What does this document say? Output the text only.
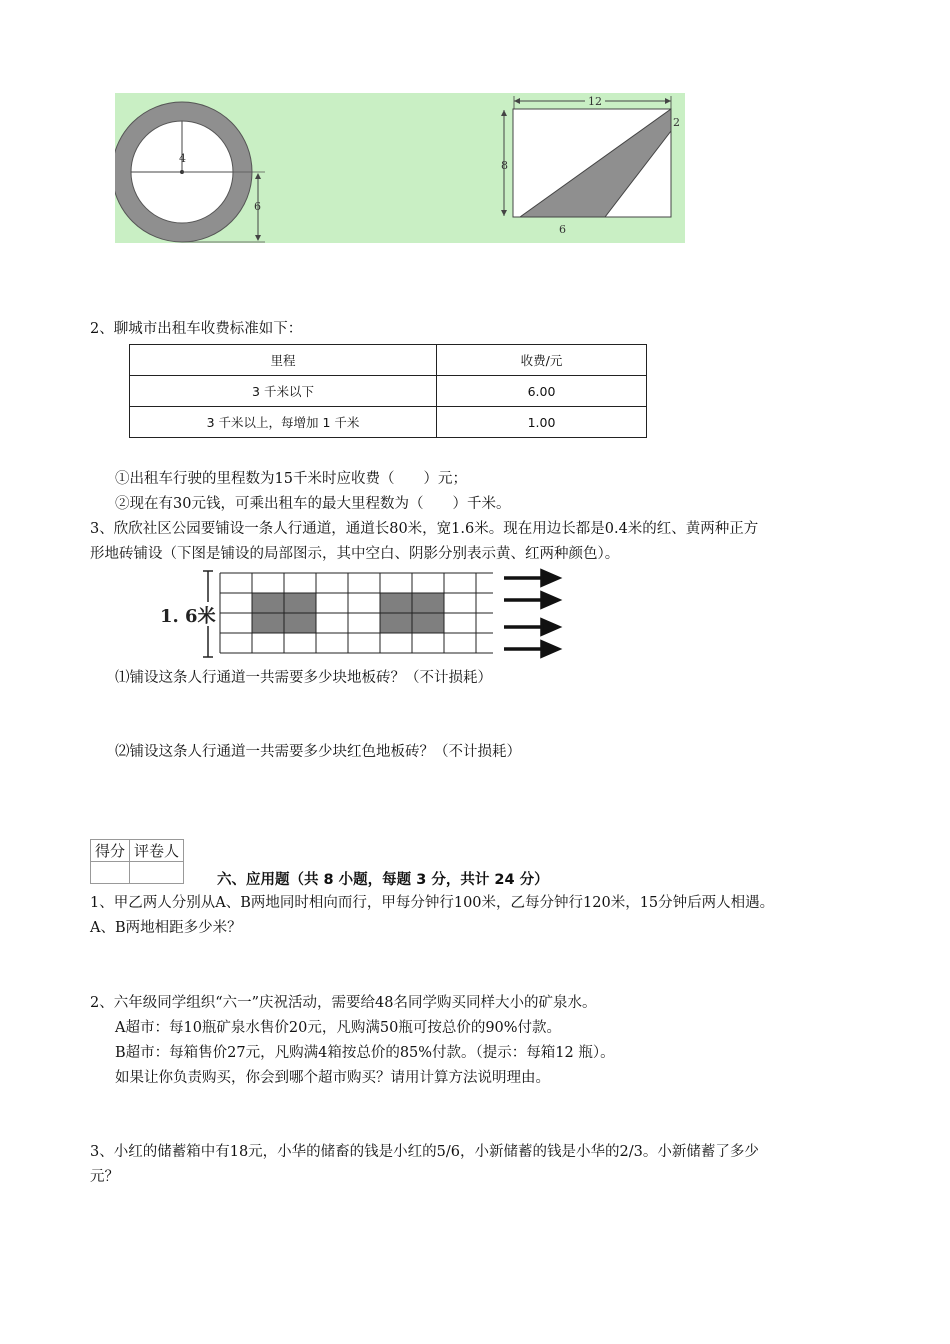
4
6
12
8
2
6
2、聊城市出租车收费标准如下：
里程	收费/元
3 千米以下	6.00
3 千米以上，每增加 1 千米	1.00
①出租车行驶的里程数为15千米时应收费（　　）元；
②现在有30元钱，可乘出租车的最大里程数为（　　）千米。
3、欣欣社区公园要铺设一条人行通道，通道长80米，宽1.6米。现在用边长都是0.4米的红、黄两种正方
形地砖铺设（下图是铺设的局部图示，其中空白、阴影分别表示黄、红两种颜色）。
1. 6米
⑴铺设这条人行通道一共需要多少块地板砖？（不计损耗）
⑵铺设这条人行通道一共需要多少块红色地板砖？（不计损耗）
得分	评卷人

六、应用题（共 8 小题，每题 3 分，共计 24 分）
1、甲乙两人分别从A、B两地同时相向而行，甲每分钟行100米，乙每分钟行120米，15分钟后两人相遇。
A、B两地相距多少米？
2、六年级同学组织“六一”庆祝活动，需要给48名同学购买同样大小的矿泉水。
A超市：每10瓶矿泉水售价20元，凡购满50瓶可按总价的90%付款。
B超市：每箱售价27元，凡购满4箱按总价的85%付款。（提示：每箱12 瓶）。
如果让你负责购买，你会到哪个超市购买？请用计算方法说明理由。
3、小红的储蓄箱中有18元，小华的储畜的钱是小红的5/6，小新储蓄的钱是小华的2/3。小新储蓄了多少
元？
